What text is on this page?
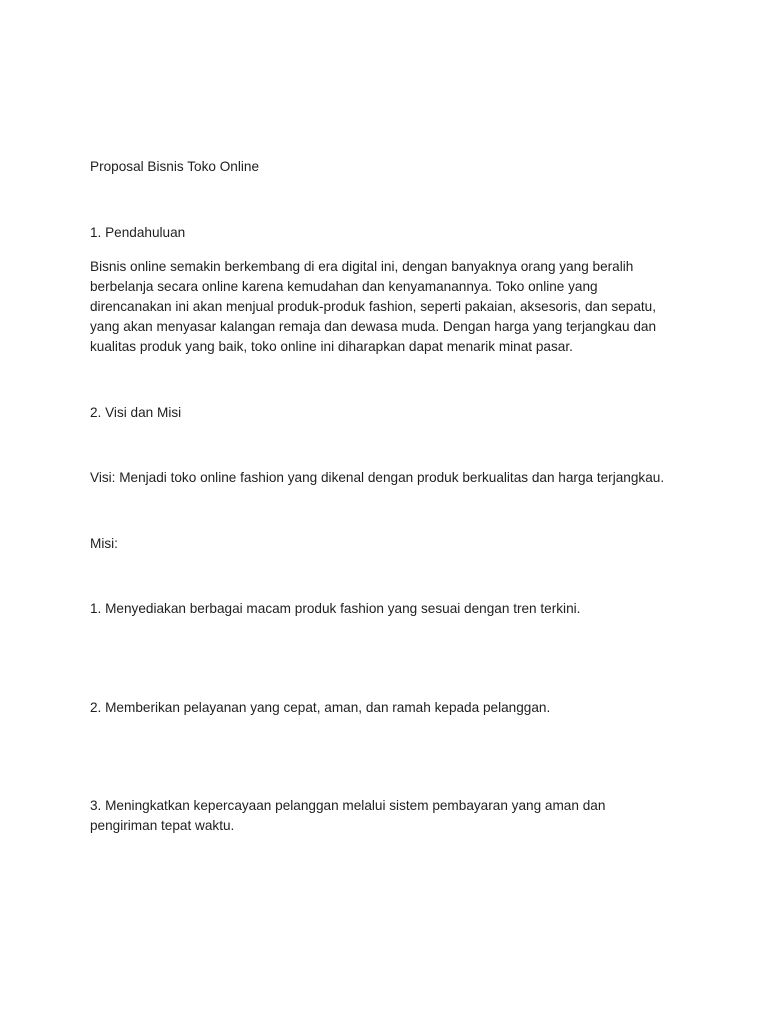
Proposal Bisnis Toko Online

1. Pendahuluan

Bisnis online semakin berkembang di era digital ini, dengan banyaknya orang yang beralih
berbelanja secara online karena kemudahan dan kenyamanannya. Toko online yang
direncanakan ini akan menjual produk-produk fashion, seperti pakaian, aksesoris, dan sepatu,
yang akan menyasar kalangan remaja dan dewasa muda. Dengan harga yang terjangkau dan
kualitas produk yang baik, toko online ini diharapkan dapat menarik minat pasar.

2. Visi dan Misi

Visi: Menjadi toko online fashion yang dikenal dengan produk berkualitas dan harga terjangkau.

Misi:

1. Menyediakan berbagai macam produk fashion yang sesuai dengan tren terkini.

2. Memberikan pelayanan yang cepat, aman, dan ramah kepada pelanggan.

3. Meningkatkan kepercayaan pelanggan melalui sistem pembayaran yang aman dan
pengiriman tepat waktu.
